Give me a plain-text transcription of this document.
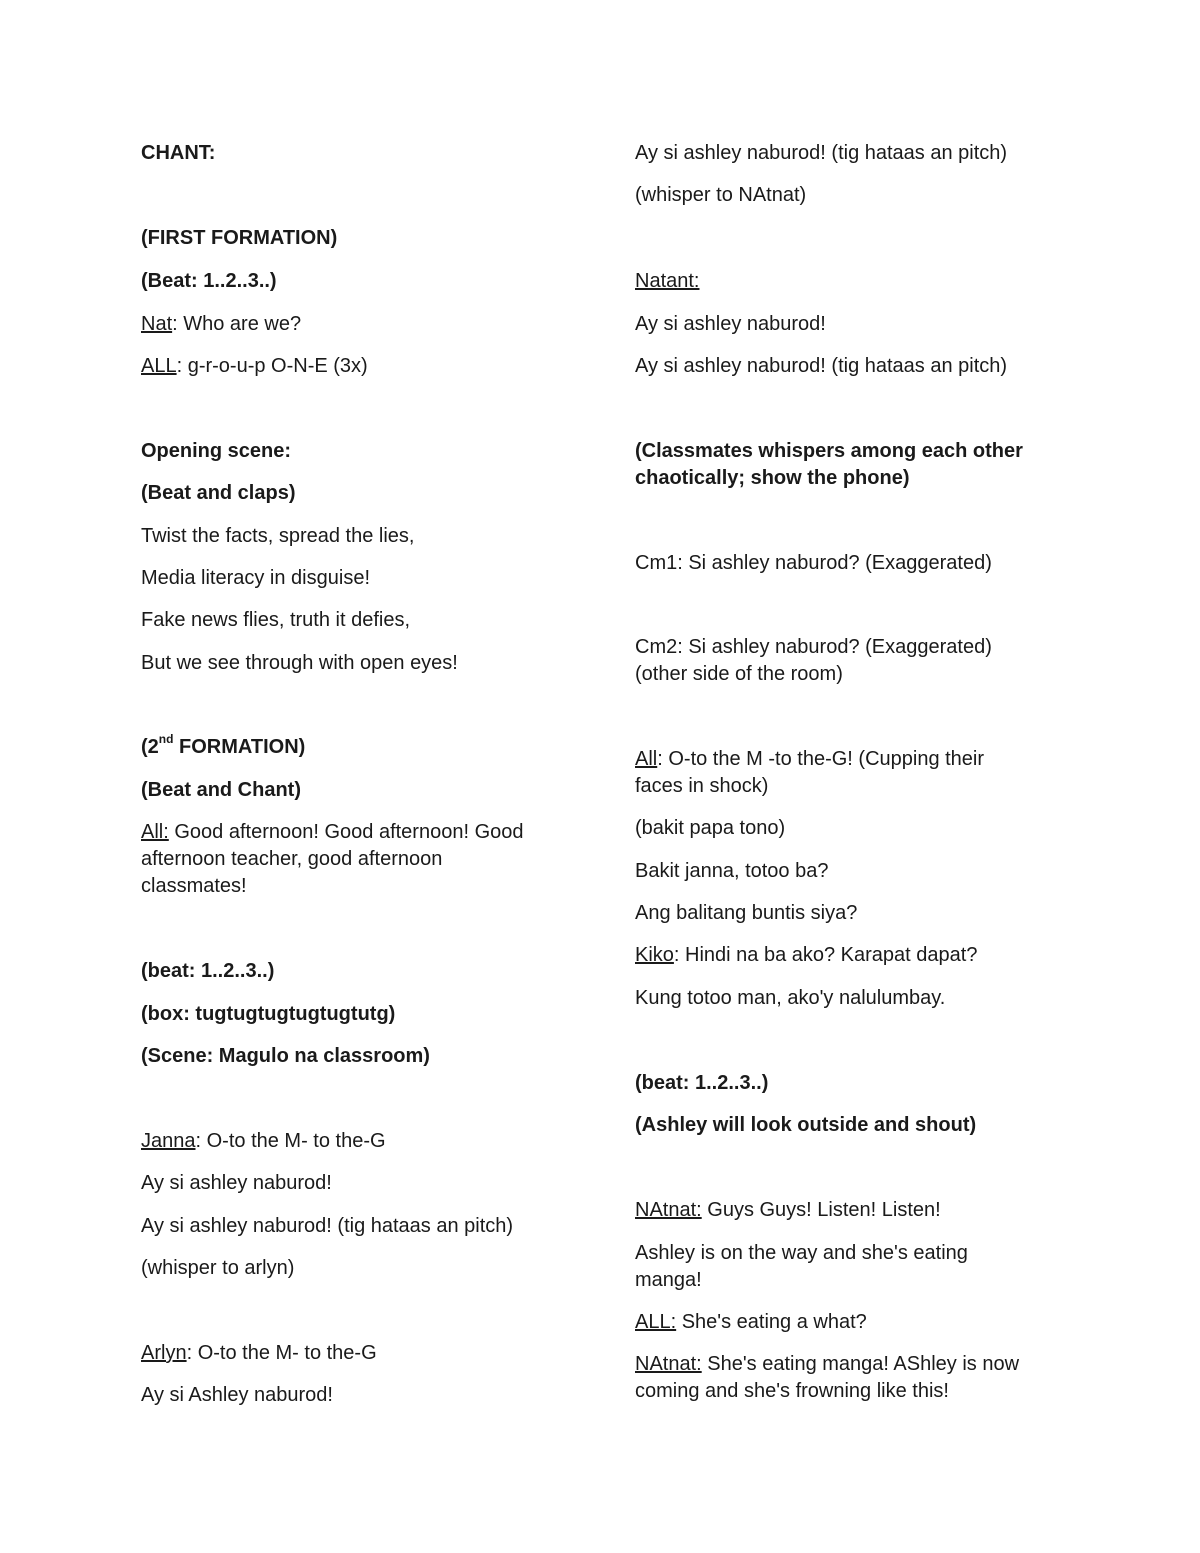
CHANT:
(FIRST FORMATION)
(Beat: 1..2..3..)
Nat: Who are we?
ALL: g-r-o-u-p O-N-E (3x)
Opening scene:
(Beat and claps)
Twist the facts, spread the lies,
Media literacy in disguise!
Fake news flies, truth it defies,
But we see through with open eyes!
(2nd FORMATION)
(Beat and Chant)
All: Good afternoon! Good afternoon! Good
afternoon teacher, good afternoon
classmates!
(beat: 1..2..3..)
(box: tugtugtugtugtugtutg)
(Scene: Magulo na classroom)
Janna: O-to the M- to the-G
Ay si ashley naburod!
Ay si ashley naburod! (tig hataas an pitch)
(whisper to arlyn)
Arlyn: O-to the M- to the-G
Ay si Ashley naburod!
Ay si ashley naburod! (tig hataas an pitch)
(whisper to NAtnat)
Natant:
Ay si ashley naburod!
Ay si ashley naburod! (tig hataas an pitch)
(Classmates whispers among each other
chaotically; show the phone)
Cm1: Si ashley naburod? (Exaggerated)
Cm2: Si ashley naburod? (Exaggerated)
(other side of the room)
All: O-to the M -to the-G! (Cupping their
faces in shock)
(bakit papa tono)
Bakit janna, totoo ba?
Ang balitang buntis siya?
Kiko: Hindi na ba ako? Karapat dapat?
Kung totoo man, ako'y nalulumbay.
(beat: 1..2..3..)
(Ashley will look outside and shout)
NAtnat: Guys Guys! Listen! Listen!
Ashley is on the way and she's eating
manga!
ALL: She's eating a what?
NAtnat: She's eating manga! AShley is now
coming and she's frowning like this!
